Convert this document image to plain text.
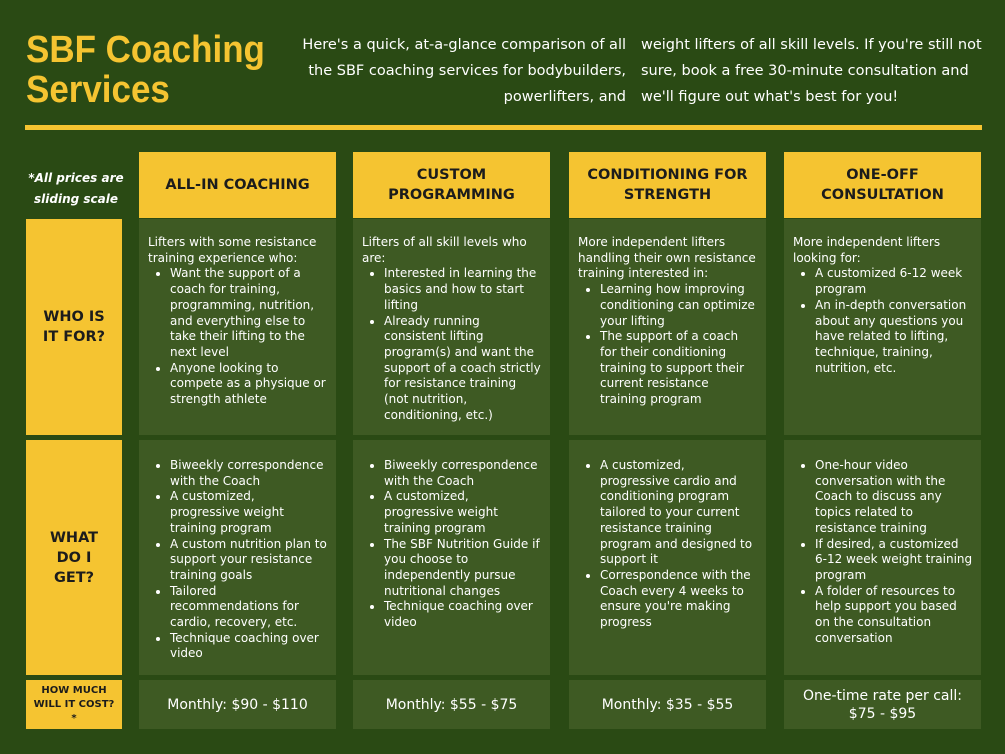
SBF Coaching
Services
Here's a quick, at-a-glance comparison of all the SBF coaching services for bodybuilders, powerlifters, and
weight lifters of all skill levels. If you're still not sure, book a free 30-minute consultation and we'll figure out what's best for you!
*All prices are sliding scale
ALL-IN COACHING
CUSTOM PROGRAMMING
CONDITIONING FOR STRENGTH
ONE-OFF CONSULTATION
WHO IS IT FOR?
WHAT DO I GET?
HOW MUCH WILL IT COST?*
Lifters with some resistance training experience who:
• Want the support of a coach for training, programming, nutrition, and everything else to take their lifting to the next level
• Anyone looking to compete as a physique or strength athlete
Lifters of all skill levels who are:
• Interested in learning the basics and how to start lifting
• Already running consistent lifting program(s) and want the support of a coach strictly for resistance training (not nutrition, conditioning, etc.)
More independent lifters handling their own resistance training interested in:
• Learning how improving conditioning can optimize your lifting
• The support of a coach for their conditioning training to support their current resistance training program
More independent lifters looking for:
• A customized 6-12 week program
• An in-depth conversation about any questions you have related to lifting, technique, training, nutrition, etc.
• Biweekly correspondence with the Coach
• A customized, progressive weight training program
• A custom nutrition plan to support your resistance training goals
• Tailored recommendations for cardio, recovery, etc.
• Technique coaching over video
• Biweekly correspondence with the Coach
• A customized, progressive weight training program
• The SBF Nutrition Guide if you choose to independently pursue nutritional changes
• Technique coaching over video
• A customized, progressive cardio and conditioning program tailored to your current resistance training program and designed to support it
• Correspondence with the Coach every 4 weeks to ensure you're making progress
• One-hour video conversation with the Coach to discuss any topics related to resistance training
• If desired, a customized 6-12 week weight training program
• A folder of resources to help support you based on the consultation conversation
Monthly: $90 - $110	Monthly: $55 - $75	Monthly: $35 - $55
One-time rate per call: $75 - $95
